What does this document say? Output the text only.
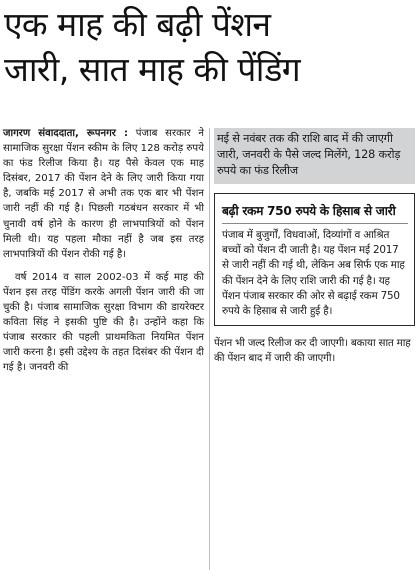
एक माह की बढ़ी पेंशन
जारी, सात माह की पेंडिंग

जागरण संवाददाता, रूपनगर : पंजाब सरकार ने सामाजिक सुरक्षा पेंशन स्कीम के लिए 128 करोड़ रुपये का फंड रिलीज किया है। यह पैसे केवल एक माह दिसंबर, 2017 की पेंशन देने के लिए जारी किया गया है, जबकि मई 2017 से अभी तक एक बार भी पेंशन जारी नहीं की गई है। पिछली गठबंधन सरकार में भी चुनावी वर्ष होने के कारण ही लाभपात्रियों को पेंशन मिली थी। यह पहला मौका नहीं है जब इस तरह लाभपात्रियों की पेंशन रोकी गई है।

वर्ष 2014 व साल 2002-03 में कई माह की पेंशन इस तरह पेंडिंग करके अगली पेंशन जारी की जा चुकी है। पंजाब सामाजिक सुरक्षा विभाग की डायरेक्टर कविता सिंह ने इसकी पुष्टि की है। उन्होंने कहा कि पंजाब सरकार की पहली प्राथमकिता नियमित पेंशन जारी करना है। इसी उद्देश्य के तहत दिसंबर की पेंशन दी गई है। जनवरी की

मई से नवंबर तक की राशि बाद में की जाएगी जारी, जनवरी के पैसे जल्द मिलेंगे, 128 करोड़ रुपये का फंड रिलीज
बढ़ी रकम 750 रुपये के हिसाब से जारी
पंजाब में बुजुर्गों, विधवाओं, दिव्यांगों व आश्रित बच्चों को पेंशन दी जाती है। यह पेंशन मई 2017 से जारी नहीं की गई थी, लेकिन अब सिर्फ एक माह की पेंशन देने के लिए राशि जारी की गई है। यह पेंशन पंजाब सरकार की ओर से बढ़ाई रकम 750 रुपये के हिसाब से जारी हुई है।
पेंशन भी जल्द रिलीज कर दी जाएगी। बकाया सात माह की पेंशन बाद में जारी की जाएगी।
